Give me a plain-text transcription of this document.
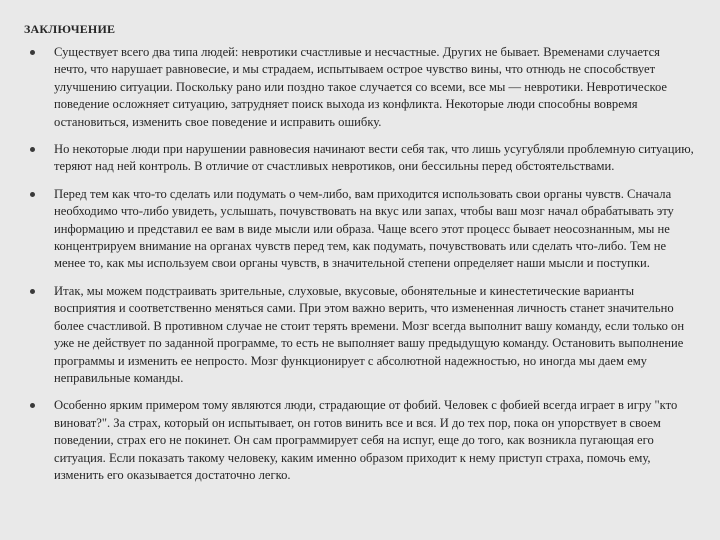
ЗАКЛЮЧЕНИЕ
Существует всего два типа людей: невротики счастливые и несчастные. Других не бывает. Временами случается нечто, что нарушает равновесие, и мы страдаем, испытываем острое чувство вины, что отнюдь не способствует улучшению ситуации. Поскольку рано или поздно такое случается со всеми, все мы — невротики. Невротическое поведение осложняет ситуацию, затрудняет поиск выхода из конфликта. Некоторые люди способны вовремя остановиться, изменить свое поведение и исправить ошибку.
Но некоторые люди при нарушении равновесия начинают вести себя так, что лишь усугубляли проблемную ситуацию, теряют над ней контроль. В отличие от счастливых невротиков, они бессильны перед обстоятельствами.
Перед тем как что-то сделать или подумать о чем-либо, вам приходится использовать свои органы чувств. Сначала необходимо что-либо увидеть, услышать, почувствовать на вкус или запах, чтобы ваш мозг начал обрабатывать эту информацию и представил ее вам в виде мысли или образа. Чаще всего этот процесс бывает неосознанным, мы не концентрируем внимание на органах чувств перед тем, как подумать, почувствовать или сделать что-либо. Тем не менее то, как мы используем свои органы чувств, в значительной степени определяет наши мысли и поступки.
Итак, мы можем подстраивать зрительные, слуховые, вкусовые, обонятельные и кинестетические варианты восприятия и соответственно меняться сами. При этом важно верить, что измененная личность станет значительно более счастливой. В противном случае не стоит терять времени. Мозг всегда выполнит вашу команду, если только он уже не действует по заданной программе, то есть не выполняет вашу предыдущую команду. Остановить выполнение программы и изменить ее непросто. Мозг функционирует с абсолютной надежностью, но иногда мы даем ему неправильные команды.
Особенно ярким примером тому являются люди, страдающие от фобий. Человек с фобией всегда играет в игру "кто виноват?". За страх, который он испытывает, он готов винить все и вся. И до тех пор, пока он упорствует в своем поведении, страх его не покинет. Он сам программирует себя на испуг, еще до того, как возникла пугающая его ситуация. Если показать такому человеку, каким именно образом приходит к нему приступ страха, помочь ему, изменить его оказывается достаточно легко.
